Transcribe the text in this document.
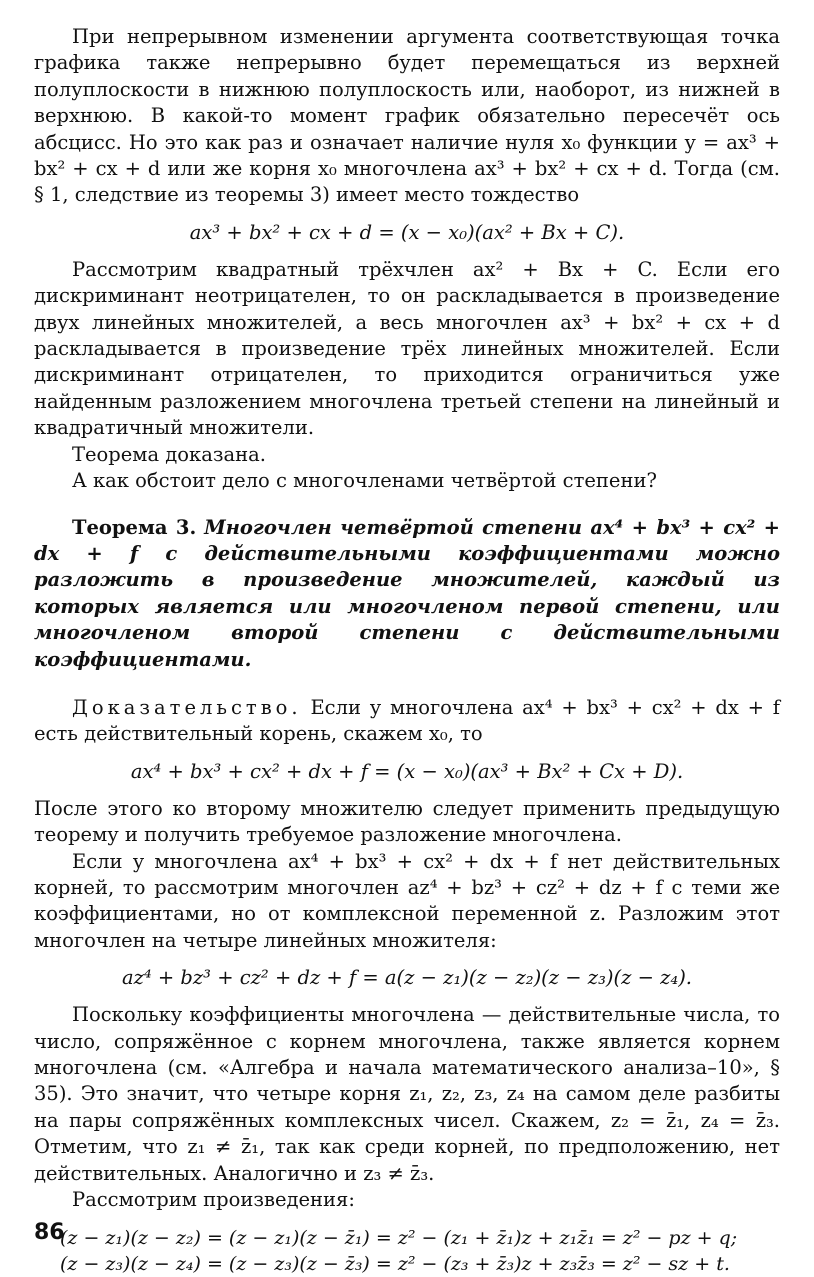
При непрерывном изменении аргумента соответствующая точка графика также непрерывно будет перемещаться из верхней полуплоскости в нижнюю полуплоскость или, наоборот, из нижней в верхнюю. В какой-то момент график обязательно пересечёт ось абсцисс. Но это как раз и означает наличие нуля x₀ функции y = ax³ + bx² + cx + d или же корня x₀ многочлена ax³ + bx² + cx + d. Тогда (см. § 1, следствие из теоремы 3) имеет место тождество

ax³ + bx² + cx + d = (x − x₀)(ax² + Bx + C).

Рассмотрим квадратный трёхчлен ax² + Bx + C. Если его дискриминант неотрицателен, то он раскладывается в произведение двух линейных множителей, а весь многочлен ax³ + bx² + cx + d раскладывается в произведение трёх линейных множителей. Если дискриминант отрицателен, то приходится ограничиться уже найденным разложением многочлена третьей степени на линейный и квадратичный множители.

Теорема доказана.

А как обстоит дело с многочленами четвёртой степени?

Теорема 3. Многочлен четвёртой степени ax⁴ + bx³ + cx² + dx + f с действительными коэффициентами можно разложить в произведение множителей, каждый из которых является или многочленом первой степени, или многочленом второй степени с действительными коэффициентами.

Доказательство. Если у многочлена ax⁴ + bx³ + cx² + dx + f есть действительный корень, скажем x₀, то

ax⁴ + bx³ + cx² + dx + f = (x − x₀)(ax³ + Bx² + Cx + D).

После этого ко второму множителю следует применить предыдущую теорему и получить требуемое разложение многочлена.

Если у многочлена ax⁴ + bx³ + cx² + dx + f нет действительных корней, то рассмотрим многочлен az⁴ + bz³ + cz² + dz + f с теми же коэффициентами, но от комплексной переменной z. Разложим этот многочлен на четыре линейных множителя:

az⁴ + bz³ + cz² + dz + f = a(z − z₁)(z − z₂)(z − z₃)(z − z₄).

Поскольку коэффициенты многочлена — действительные числа, то число, сопряжённое с корнем многочлена, также является корнем многочлена (см. «Алгебра и начала математического анализа–10», § 35). Это значит, что четыре корня z₁, z₂, z₃, z₄ на самом деле разбиты на пары сопряжённых комплексных чисел. Скажем, z₂ = z̄₁, z₄ = z̄₃. Отметим, что z₁ ≠ z̄₁, так как среди корней, по предположению, нет действительных. Аналогично и z₃ ≠ z̄₃.

Рассмотрим произведения:

(z − z₁)(z − z₂) = (z − z₁)(z − z̄₁) = z² − (z₁ + z̄₁)z + z₁z̄₁ = z² − pz + q;
(z − z₃)(z − z₄) = (z − z₃)(z − z̄₃) = z² − (z₃ + z̄₃)z + z₃z̄₃ = z² − sz + t.
86
